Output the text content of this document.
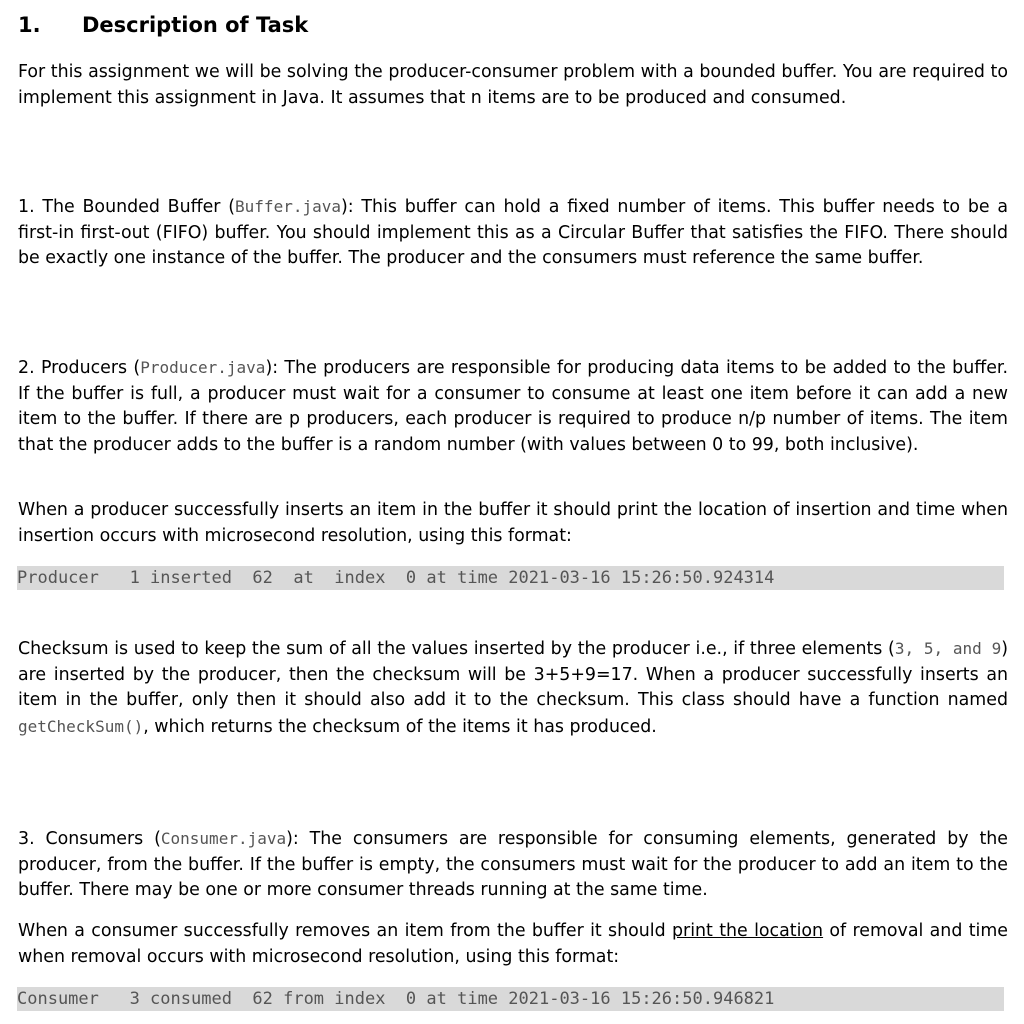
1. Description of Task

For this assignment we will be solving the producer-consumer problem with a bounded buffer. You are required to implement this assignment in Java. It assumes that n items are to be produced and consumed.

1. The Bounded Buffer (Buffer.java): This buffer can hold a fixed number of items. This buffer needs to be a first-in first-out (FIFO) buffer. You should implement this as a Circular Buffer that satisfies the FIFO. There should be exactly one instance of the buffer. The producer and the consumers must reference the same buffer.

2. Producers (Producer.java): The producers are responsible for producing data items to be added to the buffer. If the buffer is full, a producer must wait for a consumer to consume at least one item before it can add a new item to the buffer. If there are p producers, each producer is required to produce n/p number of items. The item that the producer adds to the buffer is a random number (with values between 0 to 99, both inclusive).

When a producer successfully inserts an item in the buffer it should print the location of insertion and time when insertion occurs with microsecond resolution, using this format:

Producer   1 inserted  62  at  index  0 at time 2021-03-16 15:26:50.924314

Checksum is used to keep the sum of all the values inserted by the producer i.e., if three elements (3, 5, and 9) are inserted by the producer, then the checksum will be 3+5+9=17. When a producer successfully inserts an item in the buffer, only then it should also add it to the checksum. This class should have a function named getCheckSum(), which returns the checksum of the items it has produced.

3. Consumers (Consumer.java): The consumers are responsible for consuming elements, generated by the producer, from the buffer. If the buffer is empty, the consumers must wait for the producer to add an item to the buffer. There may be one or more consumer threads running at the same time.

When a consumer successfully removes an item from the buffer it should print the location of removal and time when removal occurs with microsecond resolution, using this format:

Consumer   3 consumed  62 from index  0 at time 2021-03-16 15:26:50.946821
